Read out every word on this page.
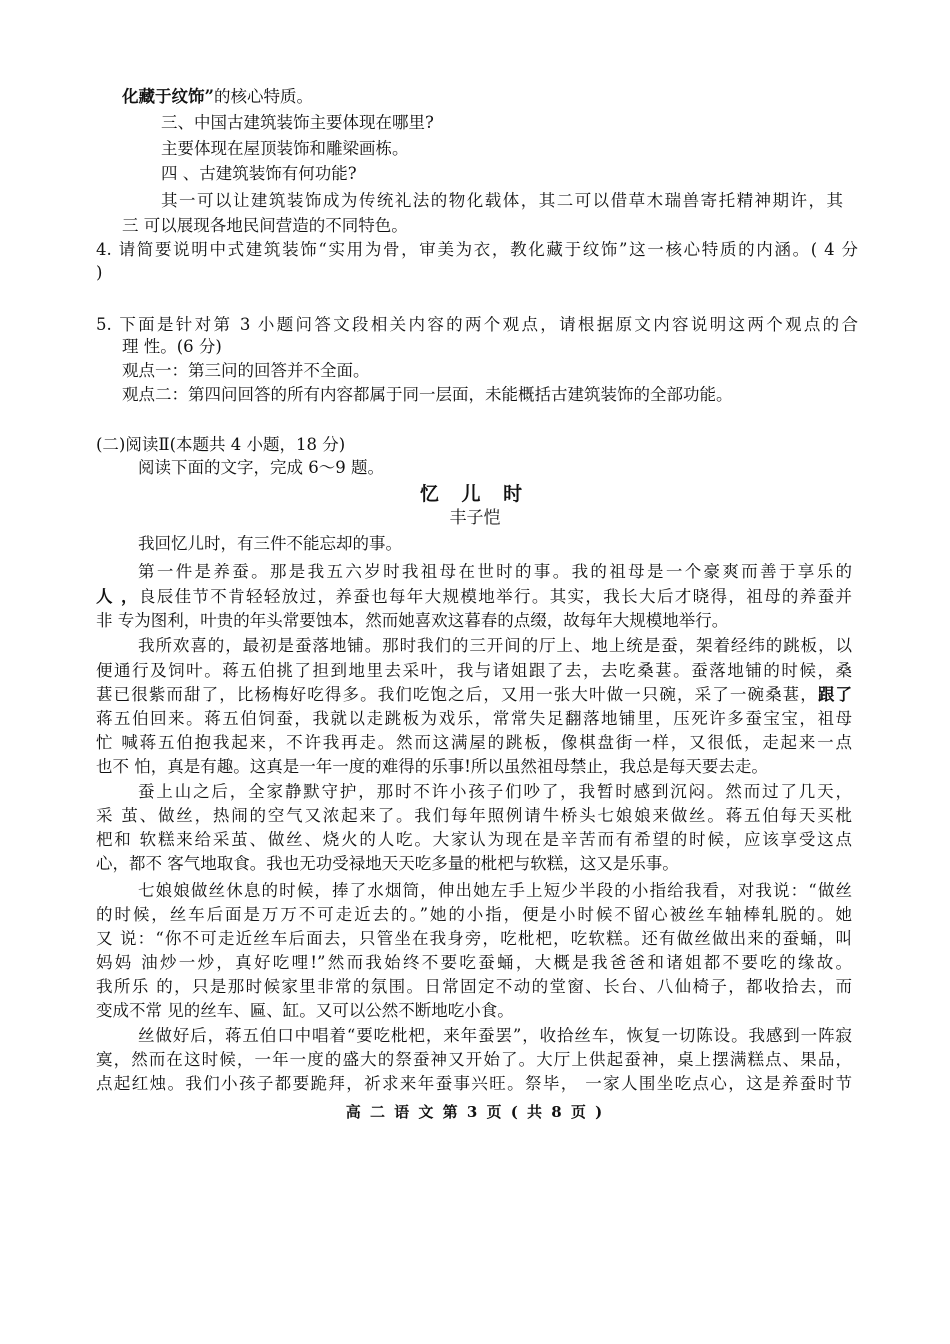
化藏于纹饰”的核心特质。
三、中国古建筑装饰主要体现在哪里?
主要体现在屋顶装饰和雕梁画栋。
四 、古建筑装饰有何功能?
其一可以让建筑装饰成为传统礼法的物化载体，其二可以借草木瑞兽寄托精神期许，其
三 可以展现各地民间营造的不同特色。
4. 请简要说明中式建筑装饰“实用为骨，审美为衣，教化藏于纹饰”这一核心特质的内涵。( 4 分
)
5. 下面是针对第 3 小题问答文段相关内容的两个观点，请根据原文内容说明这两个观点的合
理 性。(6 分)
观点一：第三问的回答并不全面。
观点二：第四问回答的所有内容都属于同一层面，未能概括古建筑装饰的全部功能。
(二)阅读Ⅱ(本题共 4 小题，18 分)
阅读下面的文字，完成 6～9 题。
忆 儿 时
丰子恺
我回忆儿时，有三件不能忘却的事。
第一件是养蚕。那是我五六岁时我祖母在世时的事。我的祖母是一个豪爽而善于享乐的
人 ，良辰佳节不肯轻轻放过，养蚕也每年大规模地举行。其实，我长大后才晓得，祖母的养蚕并
非 专为图利，叶贵的年头常要蚀本，然而她喜欢这暮春的点缀，故每年大规模地举行。
我所欢喜的，最初是蚕落地铺。那时我们的三开间的厅上、地上统是蚕，架着经纬的跳板，以
便通行及饲叶。蒋五伯挑了担到地里去采叶，我与诸姐跟了去，去吃桑葚。蚕落地铺的时候，桑
葚已很紫而甜了，比杨梅好吃得多。我们吃饱之后，又用一张大叶做一只碗，采了一碗桑葚，跟了
蒋五伯回来。蒋五伯饲蚕，我就以走跳板为戏乐，常常失足翻落地铺里，压死许多蚕宝宝，祖母
忙 喊蒋五伯抱我起来，不许我再走。然而这满屋的跳板，像棋盘街一样，又很低，走起来一点
也不 怕，真是有趣。这真是一年一度的难得的乐事!所以虽然祖母禁止，我总是每天要去走。
蚕上山之后，全家静默守护，那时不许小孩子们吵了，我暂时感到沉闷。然而过了几天，
采 茧、做丝，热闹的空气又浓起来了。我们每年照例请牛桥头七娘娘来做丝。蒋五伯每天买枇
杷和 软糕来给采茧、做丝、烧火的人吃。大家认为现在是辛苦而有希望的时候，应该享受这点
心，都不 客气地取食。我也无功受禄地天天吃多量的枇杷与软糕，这又是乐事。
七娘娘做丝休息的时候，捧了水烟筒，伸出她左手上短少半段的小指给我看，对我说：“做丝
的时候，丝车后面是万万不可走近去的。”她的小指，便是小时候不留心被丝车轴棒轧脱的。她
又 说：“你不可走近丝车后面去，只管坐在我身旁，吃枇杷，吃软糕。还有做丝做出来的蚕蛹，叫
妈妈 油炒一炒，真好吃哩!”然而我始终不要吃蚕蛹，大概是我爸爸和诸姐都不要吃的缘故。
我所乐 的，只是那时候家里非常的氛围。日常固定不动的堂窗、长台、八仙椅子，都收拾去，而
变成不常 见的丝车、匾、缸。又可以公然不断地吃小食。
丝做好后，蒋五伯口中唱着“要吃枇杷，来年蚕罢”，收拾丝车，恢复一切陈设。我感到一阵寂
寞，然而在这时候，一年一度的盛大的祭蚕神又开始了。大厅上供起蚕神，桌上摆满糕点、果品，
点起红烛。我们小孩子都要跪拜，祈求来年蚕事兴旺。祭毕， 一家人围坐吃点心，这是养蚕时节
高 二 语 文 第 3 页 ( 共 8 页 )
